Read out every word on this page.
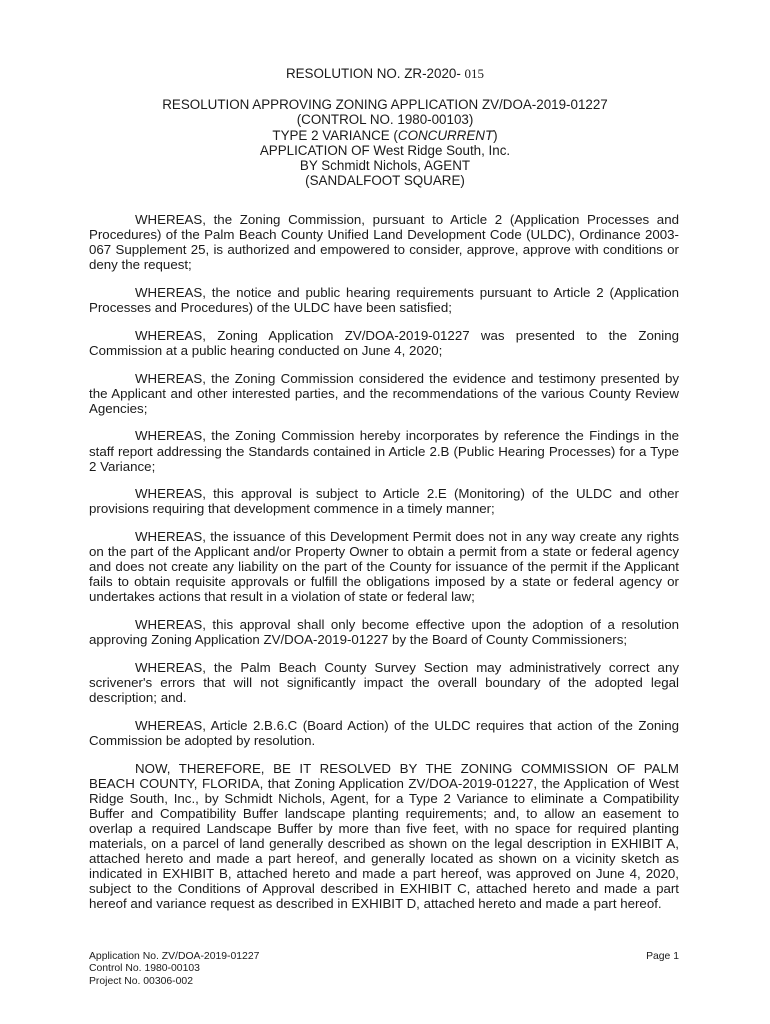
RESOLUTION NO. ZR-2020- 015

RESOLUTION APPROVING ZONING APPLICATION ZV/DOA-2019-01227

(CONTROL NO. 1980-00103)

TYPE 2 VARIANCE (CONCURRENT)

APPLICATION OF West Ridge South, Inc.

BY Schmidt Nichols, AGENT

(SANDALFOOT SQUARE)

WHEREAS, the Zoning Commission, pursuant to Article 2 (Application Processes and Procedures) of the Palm Beach County Unified Land Development Code (ULDC), Ordinance 2003-067 Supplement 25, is authorized and empowered to consider, approve, approve with conditions or deny the request;

WHEREAS, the notice and public hearing requirements pursuant to Article 2 (Application Processes and Procedures) of the ULDC have been satisfied;

WHEREAS, Zoning Application ZV/DOA-2019-01227 was presented to the Zoning Commission at a public hearing conducted on June 4, 2020;

WHEREAS, the Zoning Commission considered the evidence and testimony presented by the Applicant and other interested parties, and the recommendations of the various County Review Agencies;

WHEREAS, the Zoning Commission hereby incorporates by reference the Findings in the staff report addressing the Standards contained in Article 2.B (Public Hearing Processes) for a Type 2 Variance;

WHEREAS, this approval is subject to Article 2.E (Monitoring) of the ULDC and other provisions requiring that development commence in a timely manner;

WHEREAS, the issuance of this Development Permit does not in any way create any rights on the part of the Applicant and/or Property Owner to obtain a permit from a state or federal agency and does not create any liability on the part of the County for issuance of the permit if the Applicant fails to obtain requisite approvals or fulfill the obligations imposed by a state or federal agency or undertakes actions that result in a violation of state or federal law;

WHEREAS, this approval shall only become effective upon the adoption of a resolution approving Zoning Application ZV/DOA-2019-01227 by the Board of County Commissioners;

WHEREAS, the Palm Beach County Survey Section may administratively correct any scrivener's errors that will not significantly impact the overall boundary of the adopted legal description; and.

WHEREAS, Article 2.B.6.C (Board Action) of the ULDC requires that action of the Zoning Commission be adopted by resolution.

NOW, THEREFORE, BE IT RESOLVED BY THE ZONING COMMISSION OF PALM BEACH COUNTY, FLORIDA, that Zoning Application ZV/DOA-2019-01227, the Application of West Ridge South, Inc., by Schmidt Nichols, Agent, for a Type 2 Variance to eliminate a Compatibility Buffer and Compatibility Buffer landscape planting requirements; and, to allow an easement to overlap a required Landscape Buffer by more than five feet, with no space for required planting materials, on a parcel of land generally described as shown on the legal description in EXHIBIT A, attached hereto and made a part hereof, and generally located as shown on a vicinity sketch as indicated in EXHIBIT B, attached hereto and made a part hereof, was approved on June 4, 2020, subject to the Conditions of Approval described in EXHIBIT C, attached hereto and made a part hereof and variance request as described in EXHIBIT D, attached hereto and made a part hereof.

Application No. ZV/DOA-2019-01227
Control No. 1980-00103
Project No. 00306-002
Page 1
